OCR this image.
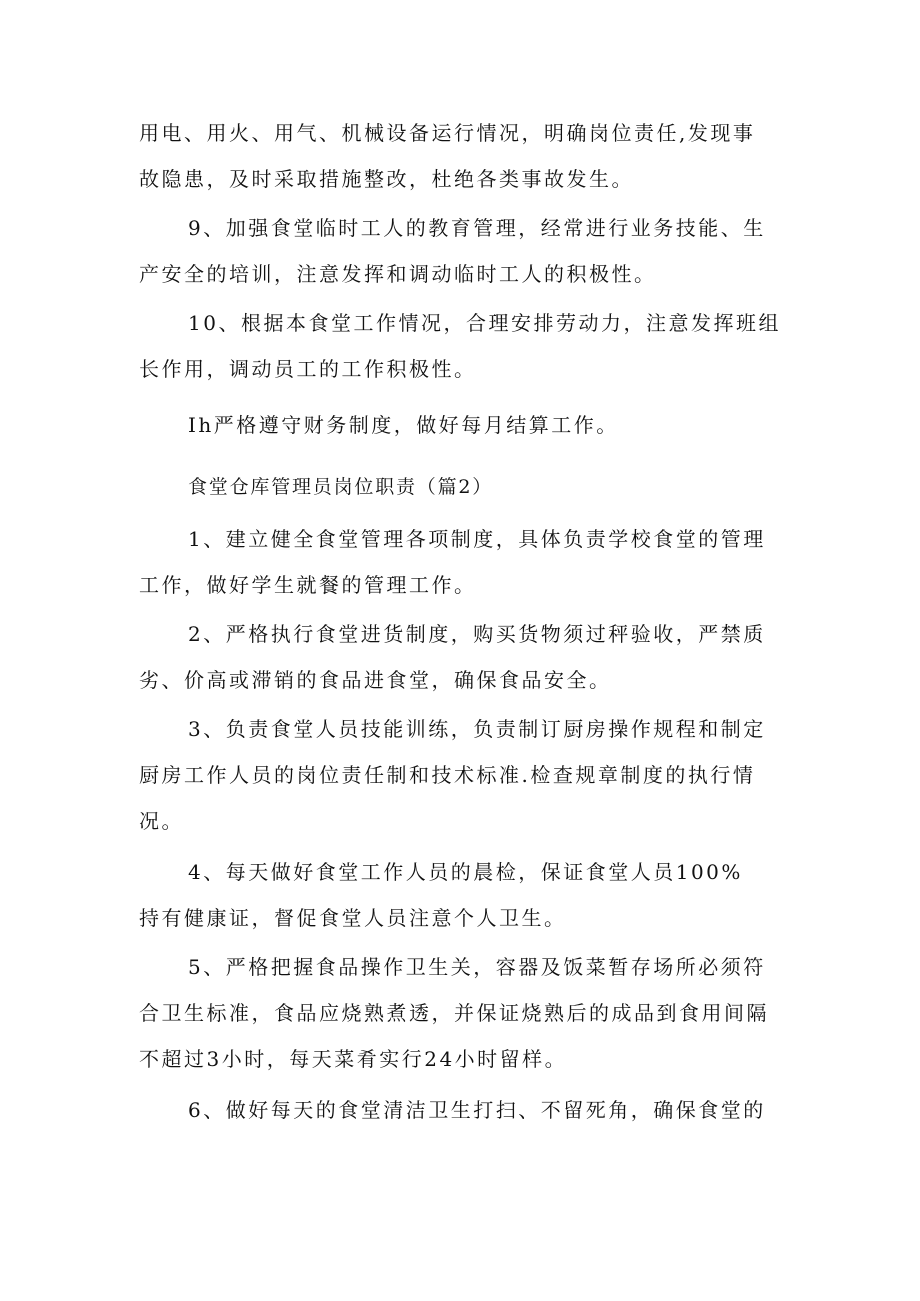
用电、用火、用气、机械设备运行情况，明确岗位责任,发现事
故隐患，及时采取措施整改，杜绝各类事故发生。
9、加强食堂临时工人的教育管理，经常进行业务技能、生
产安全的培训，注意发挥和调动临时工人的积极性。
10、根据本食堂工作情况，合理安排劳动力，注意发挥班组
长作用，调动员工的工作积极性。
Ih严格遵守财务制度，做好每月结算工作。
食堂仓库管理员岗位职责（篇2）
1、建立健全食堂管理各项制度，具体负责学校食堂的管理
工作，做好学生就餐的管理工作。
2、严格执行食堂进货制度，购买货物须过秤验收，严禁质
劣、价高或滞销的食品进食堂，确保食品安全。
3、负责食堂人员技能训练，负责制订厨房操作规程和制定
厨房工作人员的岗位责任制和技术标准.检查规章制度的执行情
况。
4、每天做好食堂工作人员的晨检，保证食堂人员100%
持有健康证，督促食堂人员注意个人卫生。
5、严格把握食品操作卫生关，容器及饭菜暂存场所必须符
合卫生标准，食品应烧熟煮透，并保证烧熟后的成品到食用间隔
不超过3小时，每天菜肴实行24小时留样。
6、做好每天的食堂清洁卫生打扫、不留死角，确保食堂的
